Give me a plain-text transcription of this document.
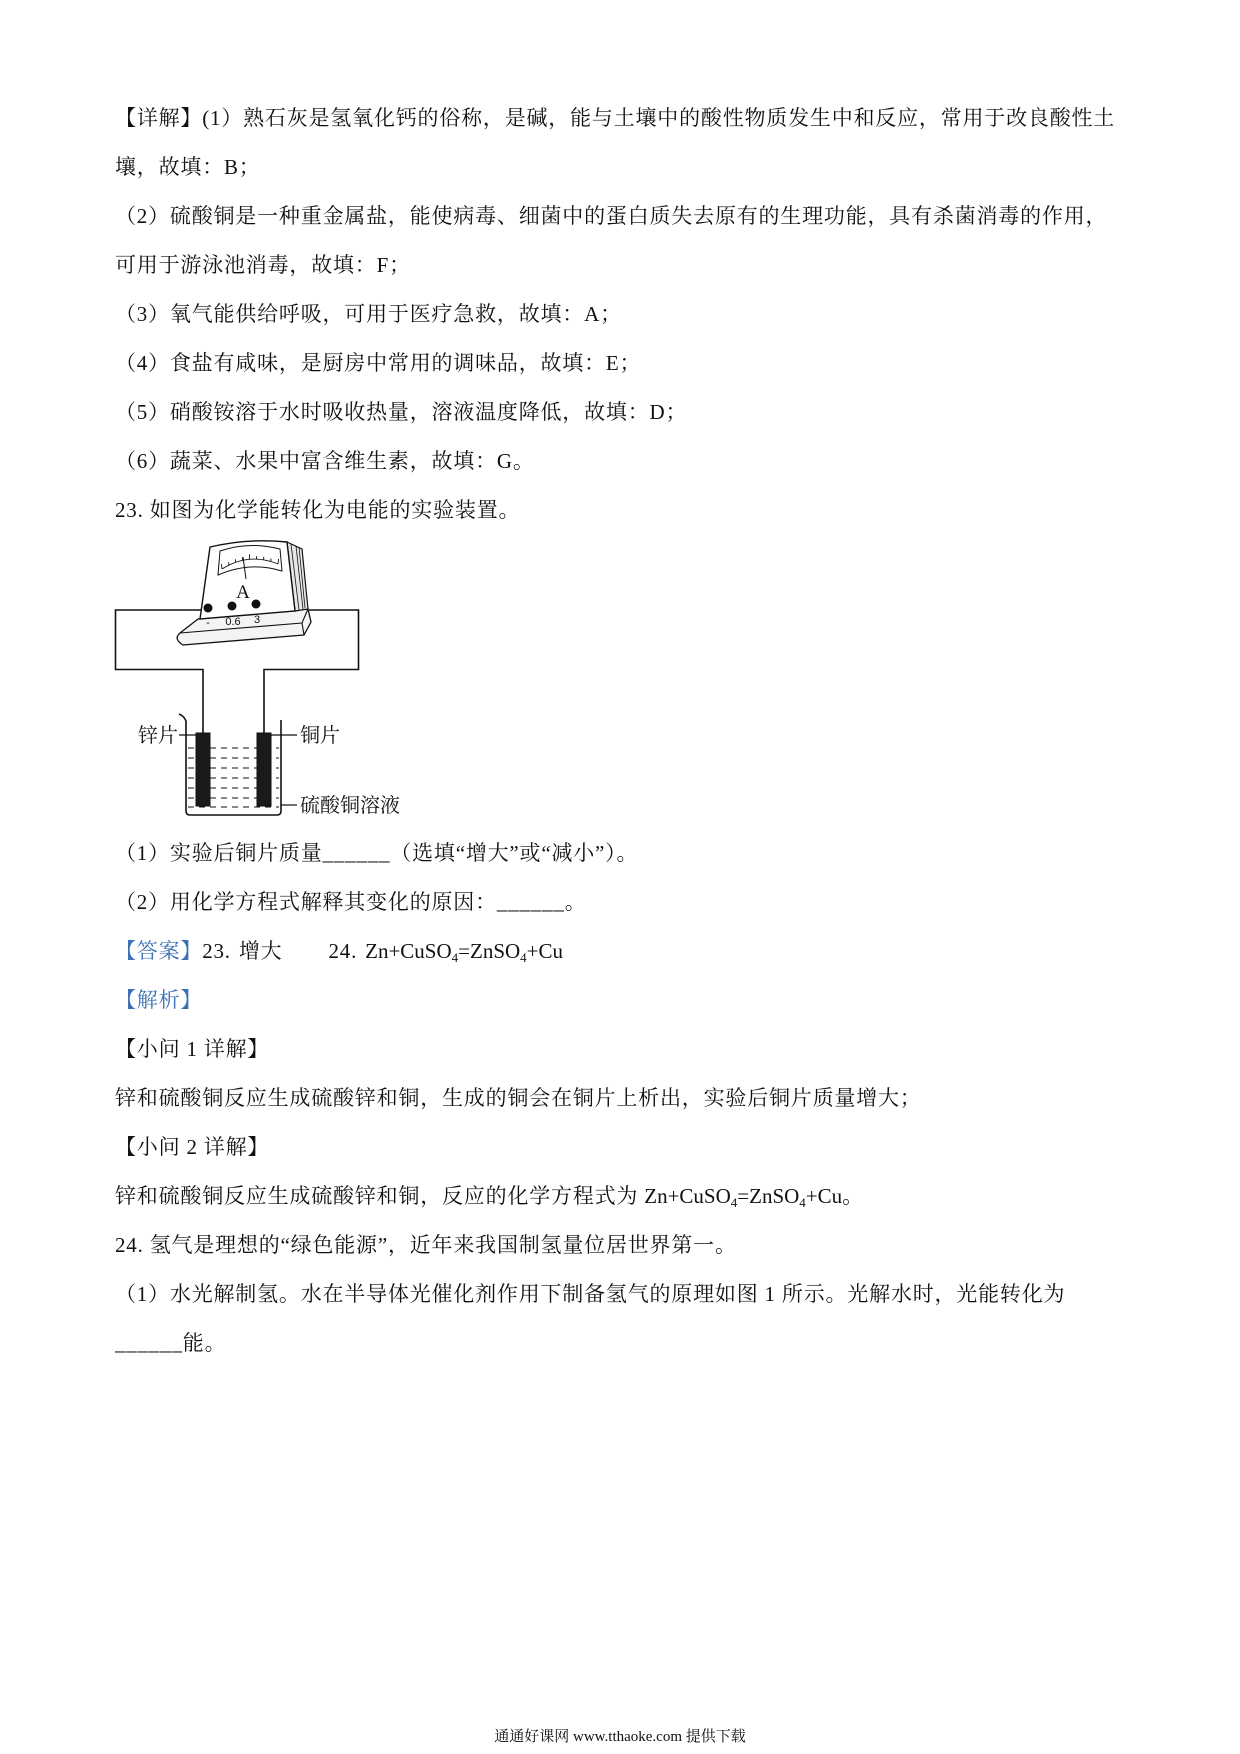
【详解】(1）熟石灰是氢氧化钙的俗称，是碱，能与土壤中的酸性物质发生中和反应，常用于改良酸性土
壤，故填：B；
（2）硫酸铜是一种重金属盐，能使病毒、细菌中的蛋白质失去原有的生理功能，具有杀菌消毒的作用，
可用于游泳池消毒，故填：F；
（3）氧气能供给呼吸，可用于医疗急救，故填：A；
（4）食盐有咸味，是厨房中常用的调味品，故填：E；
（5）硝酸铵溶于水时吸收热量，溶液温度降低，故填：D；
（6）蔬菜、水果中富含维生素，故填：G。
23. 如图为化学能转化为电能的实验装置。
A
- 0.6 3
锌片	铜片
硫酸铜溶液
（1）实验后铜片质量______（选填“增大”或“减小”）。
（2）用化学方程式解释其变化的原因：______。
【答案】23. 增大 24. Zn+CuSO$_4$=ZnSO$_4$+Cu
【解析】
【小问 1 详解】
锌和硫酸铜反应生成硫酸锌和铜，生成的铜会在铜片上析出，实验后铜片质量增大；
【小问 2 详解】
锌和硫酸铜反应生成硫酸锌和铜，反应的化学方程式为 Zn+CuSO$_4$=ZnSO$_4$+Cu。
24. 氢气是理想的“绿色能源”，近年来我国制氢量位居世界第一。
（1）水光解制氢。水在半导体光催化剂作用下制备氢气的原理如图 1 所示。光解水时，光能转化为
______能。
通通好课网 www.tthaoke.com 提供下载
